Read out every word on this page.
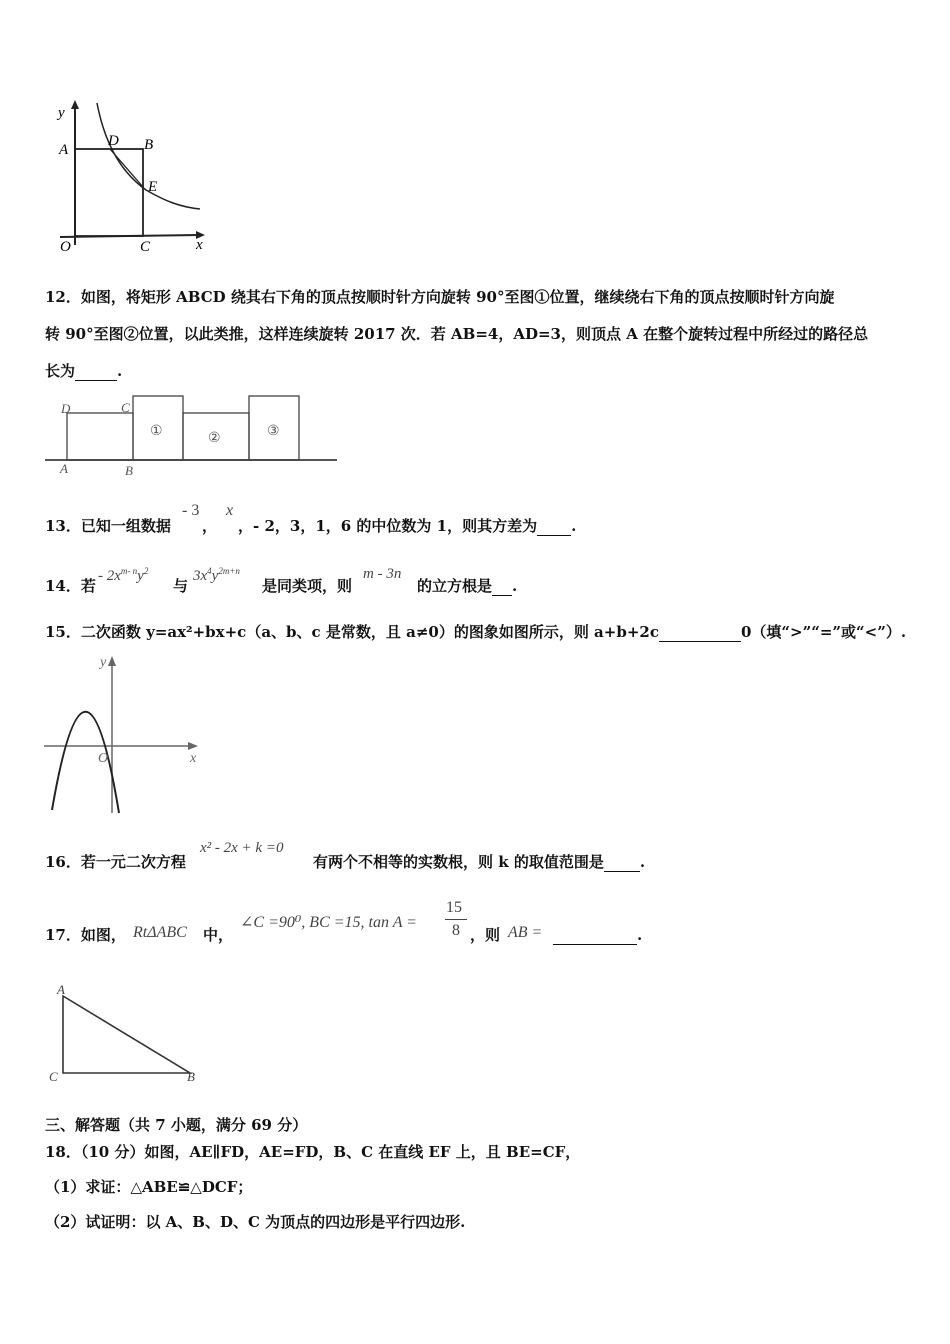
y
A
D B
E
O	C	x
12．如图，将矩形 ABCD 绕其右下角的顶点按顺时针方向旋转 90°至图①位置，继续绕右下角的顶点按顺时针方向旋
转 90°至图②位置，以此类推，这样连续旋转 2017 次．若 AB=4，AD=3，则顶点 A 在整个旋转过程中所经过的路径总
长为	.
D	C
A	B
①	②	③
13．已知一组数据
- 3
，
x
，- 2，3，1，6 的中位数为 1，则其方差为 .
14．若
- $2x^{m- n}y^2$
与
$3x^4y^{2m+n}$
是同类项，则
m - 3n
的立方根是 .
15．二次函数 y=ax²+bx+c（a、b、c 是常数，且 a≠0）的图象如图所示，则 a+b+2c	0（填“>”“=”或“<”）.
y
x
O
16．若一元二次方程
x² - 2x + k =0
有两个不相等的实数根，则 k 的取值范围是 .
17．如图， RtΔABC 中，
∠C =90⁰, BC =15, tan A =
15
8 ，则 AB =	.
A
C	B
三、解答题（共 7 小题，满分 69 分）
18．（10 分）如图，AE∥FD，AE=FD，B、C 在直线 EF 上，且 BE=CF，
（1）求证：△ABE≌△DCF；
（2）试证明：以 A、B、D、C 为顶点的四边形是平行四边形.
